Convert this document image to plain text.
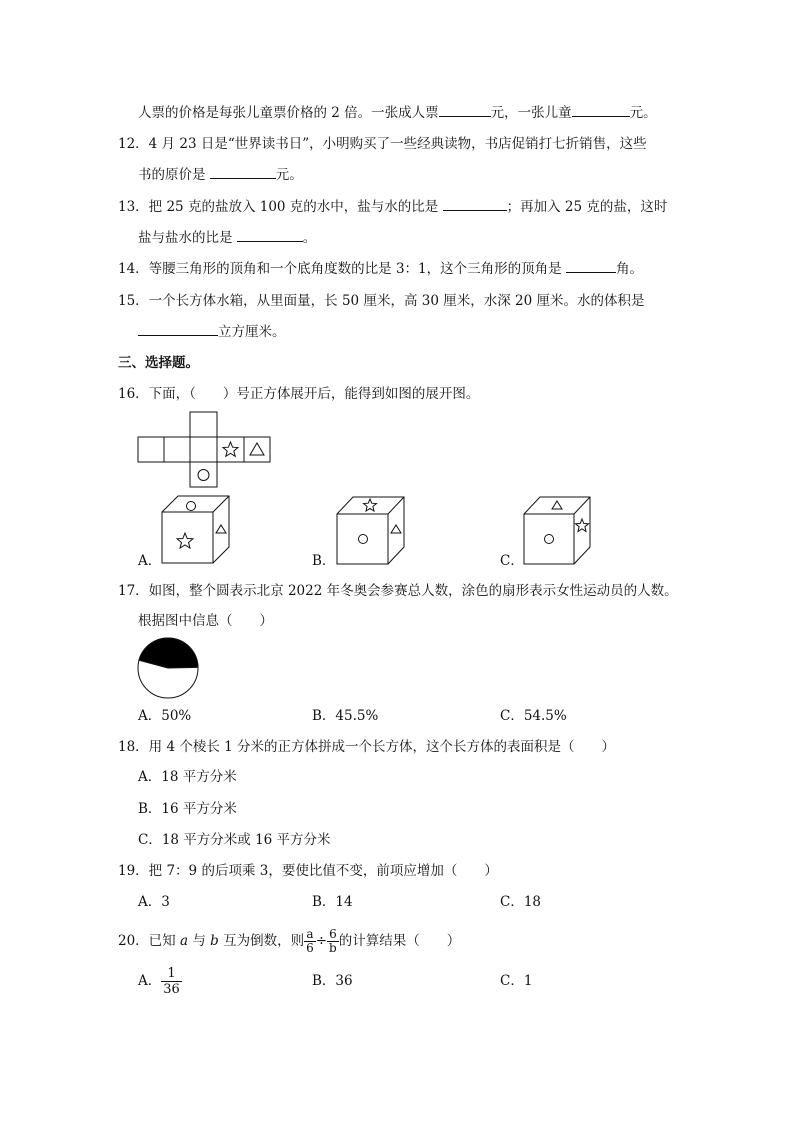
人票的价格是每张儿童票价格的 2 倍。一张成人票	元，一张儿童	元。
12．4 月 23 日是“世界读书日”，小明购买了一些经典读物，书店促销打七折销售，这些
书的原价是	元。
13．把 25 克的盐放入 100 克的水中，盐与水的比是	；再加入 25 克的盐，这时
盐与盐水的比是	。
14．等腰三角形的顶角和一个底角度数的比是 3：1，这个三角形的顶角是	角。
15．一个长方体水箱，从里面量，长 50 厘米，高 30 厘米，水深 20 厘米。水的体积是
立方厘米。
三、选择题。
16．下面，（　　）号正方体展开后，能得到如图的展开图。
A．	B．	C．
17．如图，整个圆表示北京 2022 年冬奥会参赛总人数，涂色的扇形表示女性运动员的人数。
根据图中信息（　　）
A．50%	B．45.5%	C．54.5%
18．用 4 个棱长 1 分米的正方体拼成一个长方体，这个长方体的表面积是（　　）
A．18 平方分米
B．16 平方分米
C．18 平方分米或 16 平方分米
19．把 7：9 的后项乘 3，要使比值不变，前项应增加（　　）
A．3	B．14	C．18
20．已知 a 与 b 互为倒数，则 $\frac{a}{6} \div \frac{6}{b}$ 的计算结果（　　）
A． $\frac{1}{36}$	B．36	C．1
